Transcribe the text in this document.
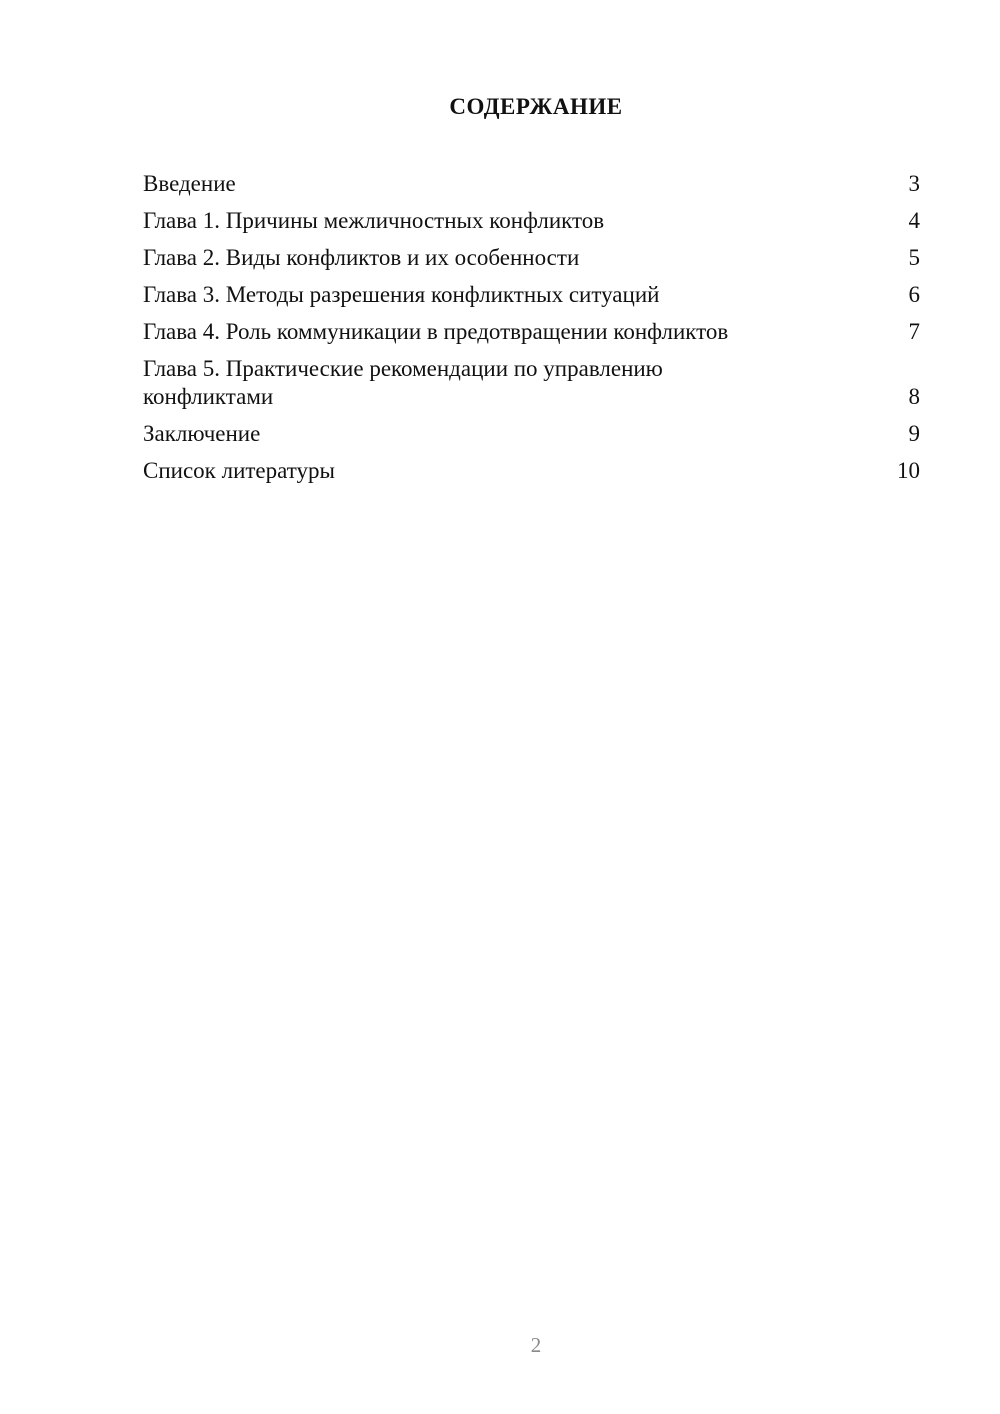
СОДЕРЖАНИЕ
Введение	3
Глава 1. Причины межличностных конфликтов	4
Глава 2. Виды конфликтов и их особенности	5
Глава 3. Методы разрешения конфликтных ситуаций	6
Глава 4. Роль коммуникации в предотвращении конфликтов	7
Глава 5. Практические рекомендации по управлению конфликтами	8
Заключение	9
Список литературы	10
2
